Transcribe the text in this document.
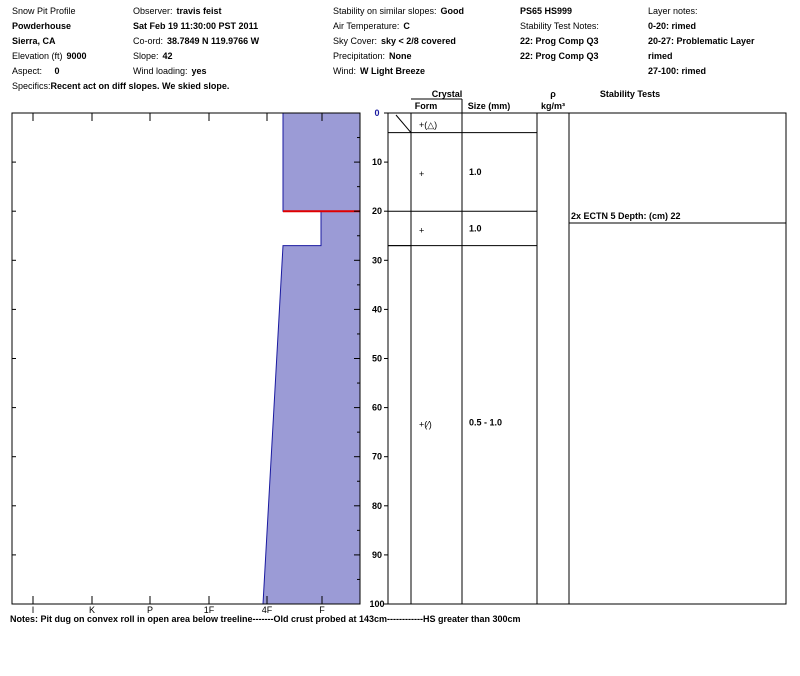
Snow Pit Profile
Powderhouse
Sierra, CA
Elevation (ft) 9000
Aspect: 0
Specifics:Recent act on diff slopes. We skied slope.
Observer: travis feist
Sat Feb 19 11:30:00 PST 2011
Co-ord: 38.7849 N 119.9766 W
Slope: 42
Wind loading: yes
Stability on similar slopes: Good
Air Temperature: C
Sky Cover: sky < 2/8 covered
Precipitation: None
Wind: W Light Breeze
PS65 HS999
Stability Test Notes:
22: Prog Comp Q3
22: Prog Comp Q3
Layer notes:
0-20: rimed
20-27: Problematic Layer
rimed
27-100: rimed
I	K	P	1F	4F	F
0
10
20
30
40
50
60
70
80
90
100
Crystal
Form	Size (mm)
ρ
kg/m³
Stability Tests
+(△)
+	1.0
+	1.0
+(⁄)	0.5 - 1.0
2x ECTN 5 Depth: (cm) 22
Notes: Pit dug on convex roll in open area below treeline-------Old crust probed at 143cm------------HS greater than 300cm
